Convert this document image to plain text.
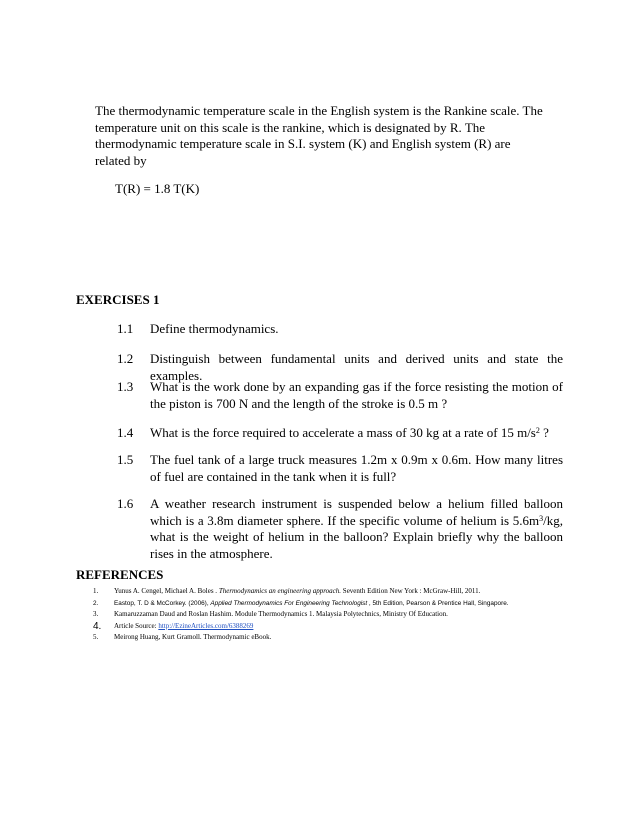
The thermodynamic temperature scale in the English system is the Rankine scale. The temperature unit on this scale is the rankine, which is designated by R. The thermodynamic temperature scale in S.I. system (K) and English system (R) are related by
T(R) = 1.8 T(K)
EXERCISES 1
1.1	Define thermodynamics.
1.2	Distinguish between fundamental units and derived units and state the examples.
1.3	What is the work done by an expanding gas if the force resisting the motion of the piston is 700 N and the length of the stroke is 0.5 m ?
1.4	What is the force required to accelerate a mass of 30 kg at a rate of 15 $m/s^2$ ?
1.5	The fuel tank of a large truck measures 1.2m x 0.9m x 0.6m. How many litres of fuel are contained in the tank when it is full?
1.6	A weather research instrument is suspended below a helium filled balloon which is a 3.8m diameter sphere. If the specific volume of helium is $5.6m^3/kg$, what is the weight of helium in the balloon? Explain briefly why the balloon rises in the atmosphere.
REFERENCES
1.	Yunus A. Cengel, Michael A. Boles . Thermodynamics an engineering approach. Seventh Edition New York : McGraw-Hill, 2011.
2.	Eastop, T. D & McCorkey. (2006), Applied Thermodynamics For Engineering Technologist , 5th Edition, Pearson & Prentice Hall, Singapore.
3.	Kamaruzzaman Daud and Roslan Hashim. Module Thermodynamics 1. Malaysia Polytechnics, Ministry Of Education.
4.	Article Source: http://EzineArticles.com/6388269
5.	Meirong Huang, Kurt Gramoll. Thermodynamic eBook.
